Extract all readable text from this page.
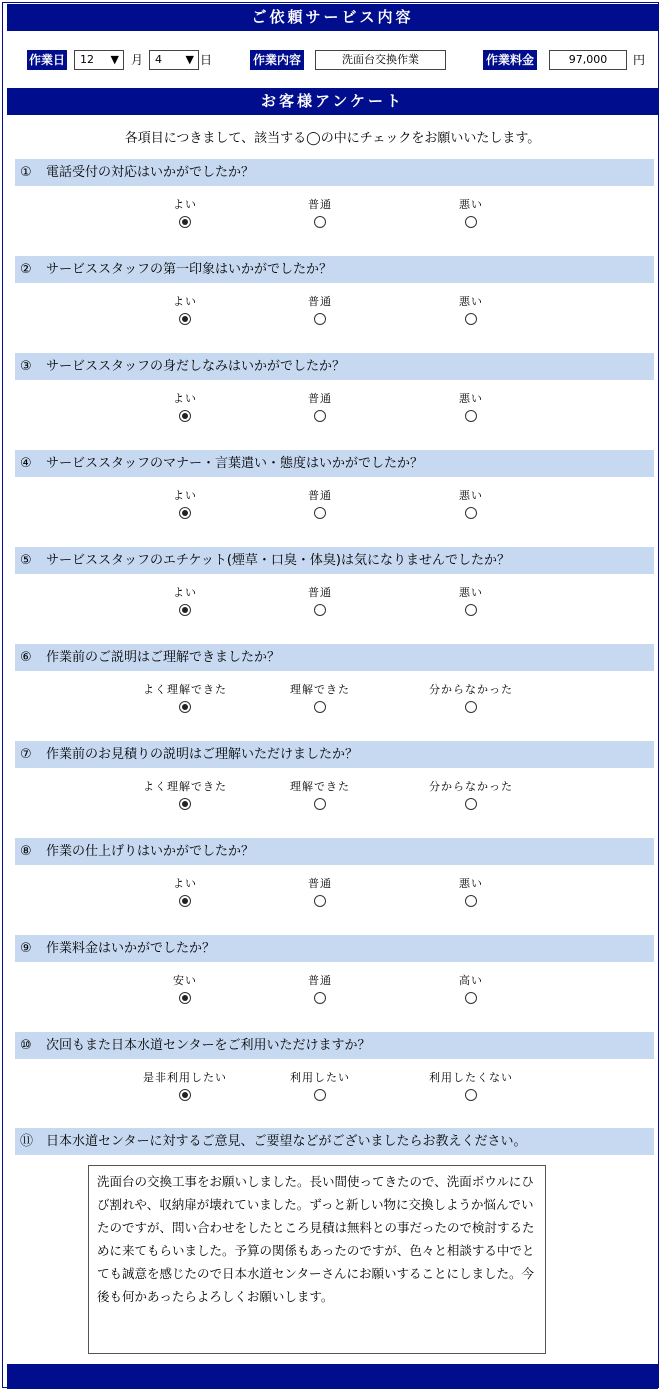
ご依頼サービス内容
作業日	12 ▼ 月	4 ▼ 日	作業内容	洗面台交換作業	作業料金	97,000	円
お客様アンケート
各項目につきまして、該当する◯の中にチェックをお願いいたします。
① 電話受付の対応はいかがでしたか？
よい	普通	悪い
② サービススタッフの第一印象はいかがでしたか？
よい	普通	悪い
③ サービススタッフの身だしなみはいかがでしたか？
よい	普通	悪い
④ サービススタッフのマナー・言葉遣い・態度はいかがでしたか？
よい	普通	悪い
⑤ サービススタッフのエチケット(煙草・口臭・体臭)は気になりませんでしたか？
よい	普通	悪い
⑥ 作業前のご説明はご理解できましたか？
よく理解できた	理解できた	分からなかった
⑦ 作業前のお見積りの説明はご理解いただけましたか？
よく理解できた	理解できた	分からなかった
⑧ 作業の仕上げりはいかがでしたか？
よい	普通	悪い
⑨ 作業料金はいかがでしたか？
安い	普通	高い
⑩ 次回もまた日本水道センターをご利用いただけますか？
是非利用したい	利用したい	利用したくない
⑪ 日本水道センターに対するご意見、ご要望などがございましたらお教えください。
洗面台の交換工事をお願いしました。長い間使ってきたので、洗面ボウルにひび割れや、収納扉が壊れていました。ずっと新しい物に交換しようか悩んでいたのですが、問い合わせをしたところ見積は無料との事だったので検討するために来てもらいました。予算の関係もあったのですが、色々と相談する中でとても誠意を感じたので日本水道センターさんにお願いすることにしました。今後も何かあったらよろしくお願いします。
